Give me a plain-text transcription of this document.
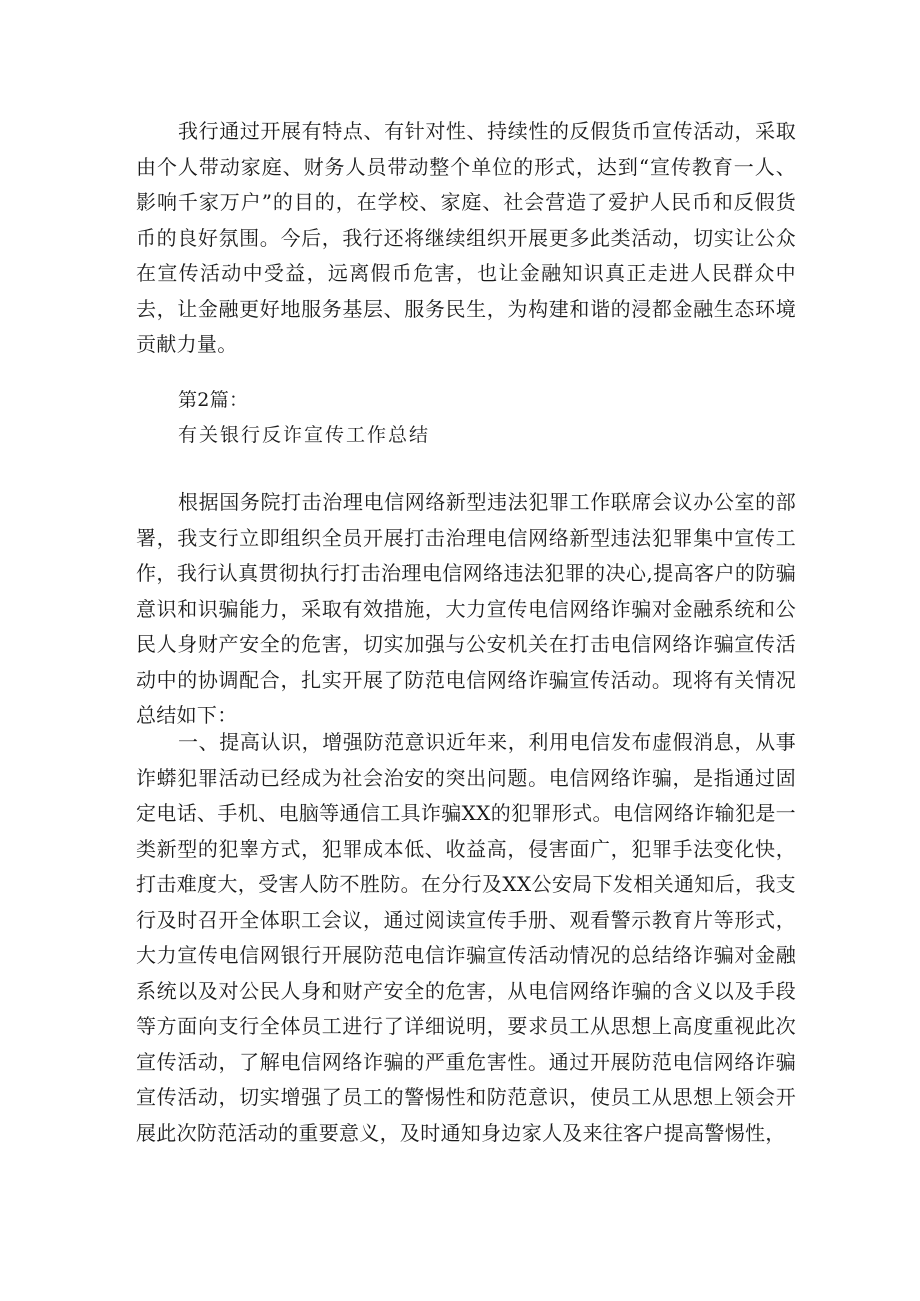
我行通过开展有特点、有针对性、持续性的反假货币宣传活动，采取由个人带动家庭、财务人员带动整个单位的形式，达到“宣传教育一人、影响千家万户”的目的，在学校、家庭、社会营造了爱护人民币和反假货币的良好氛围。今后，我行还将继续组织开展更多此类活动，切实让公众在宣传活动中受益，远离假币危害，也让金融知识真正走进人民群众中去，让金融更好地服务基层、服务民生，为构建和谐的浸都金融生态环境贡献力量。

第2篇：
有关银行反诈宣传工作总结

根据国务院打击治理电信网络新型违法犯罪工作联席会议办公室的部署，我支行立即组织全员开展打击治理电信网络新型违法犯罪集中宣传工作，我行认真贯彻执行打击治理电信网络违法犯罪的决心,提高客户的防骗意识和识骗能力，采取有效措施，大力宣传电信网络诈骗对金融系统和公民人身财产安全的危害，切实加强与公安机关在打击电信网络诈骗宣传活动中的协调配合，扎实开展了防范电信网络诈骗宣传活动。现将有关情况总结如下：

一、提高认识，增强防范意识近年来，利用电信发布虚假消息，从事诈蟒犯罪活动已经成为社会治安的突出问题。电信网络诈骗，是指通过固定电话、手机、电脑等通信工具诈骗XX的犯罪形式。电信网络诈输犯是一类新型的犯睾方式，犯罪成本低、收益高，侵害面广，犯罪手法变化快，打击难度大，受害人防不胜防。在分行及XX公安局下发相关通知后，我支行及时召开全体职工会议，通过阅读宣传手册、观看警示教育片等形式，大力宣传电信网银行开展防范电信诈骗宣传活动情况的总结络诈骗对金融系统以及对公民人身和财产安全的危害，从电信网络诈骗的含义以及手段等方面向支行全体员工进行了详细说明，要求员工从思想上高度重视此次宣传活动，了解电信网络诈骗的严重危害性。通过开展防范电信网络诈骗宣传活动，切实增强了员工的警惕性和防范意识，使员工从思想上领会开展此次防范活动的重要意义，及时通知身边家人及来往客户提高警惕性，
